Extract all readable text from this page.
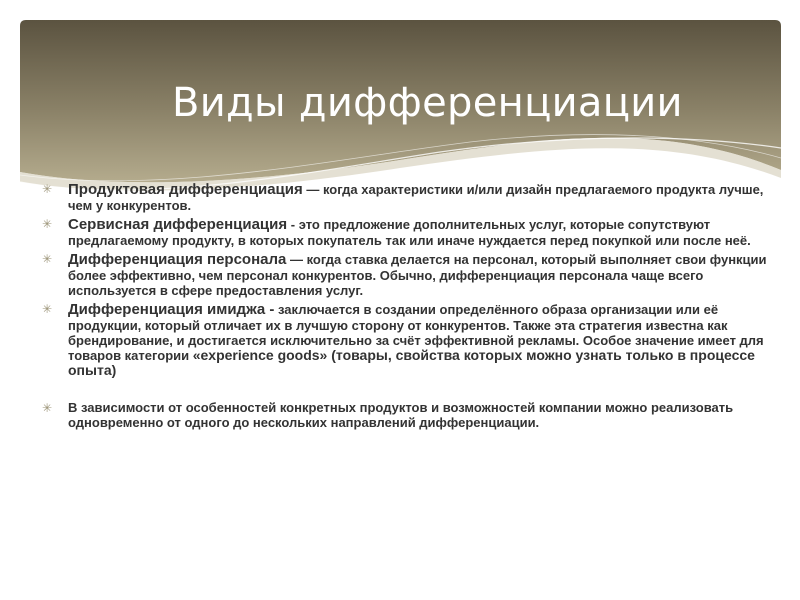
Виды дифференциации
✳ Продуктовая дифференциация — когда характеристики и/или дизайн предлагаемого продукта лучше, чем у конкурентов.
✳ Сервисная дифференциация - это предложение дополнительных услуг, которые сопутствуют предлагаемому продукту, в которых покупатель так или иначе нуждается перед покупкой или после неё.
✳ Дифференциация персонала — когда ставка делается на персонал, который выполняет свои функции более эффективно, чем персонал конкурентов. Обычно, дифференциация персонала чаще всего используется в сфере предоставления услуг.
✳ Дифференциация имиджа - заключается в создании определённого образа организации или её продукции, который отличает их в лучшую сторону от конкурентов. Также эта стратегия известна как брендирование, и достигается исключительно за счёт эффективной рекламы. Особое значение имеет для товаров категории «experience goods» (товары, свойства которых можно узнать только в процессе опыта)
✳ В зависимости от особенностей конкретных продуктов и возможностей компании можно реализовать одновременно от одного до нескольких направлений дифференциации.
